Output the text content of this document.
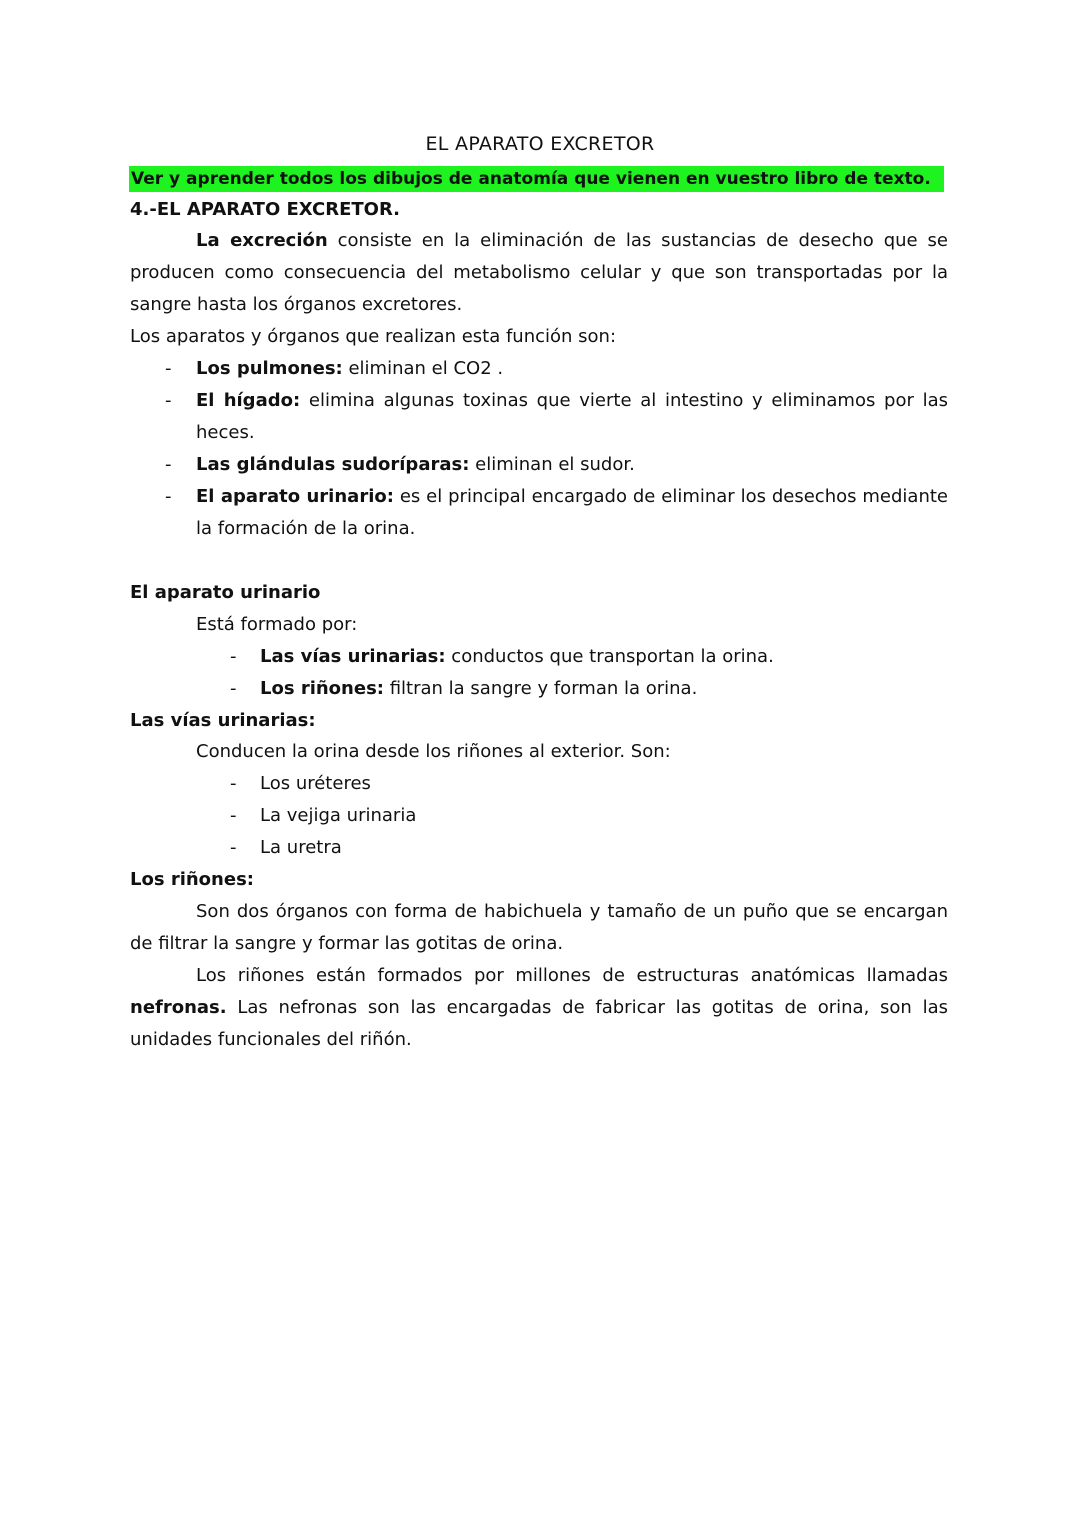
EL APARATO EXCRETOR
Ver y aprender todos los dibujos de anatomía que vienen en vuestro libro de texto.
4.-EL APARATO EXCRETOR.
La excreción consiste en la eliminación de las sustancias de desecho que se
producen como consecuencia del metabolismo celular y que son transportadas por la
sangre hasta los órganos excretores.
Los aparatos y órganos que realizan esta función son:
- Los pulmones: eliminan el CO2 .
- El hígado: elimina algunas toxinas que vierte al intestino y eliminamos por las
heces.
- Las glándulas sudoríparas: eliminan el sudor.
- El aparato urinario: es el principal encargado de eliminar los desechos mediante
la formación de la orina.
El aparato urinario
Está formado por:
- Las vías urinarias: conductos que transportan la orina.
- Los riñones: filtran la sangre y forman la orina.
Las vías urinarias:
Conducen la orina desde los riñones al exterior. Son:
- Los uréteres
- La vejiga urinaria
- La uretra
Los riñones:
Son dos órganos con forma de habichuela y tamaño de un puño que se encargan
de filtrar la sangre y formar las gotitas de orina.
Los riñones están formados por millones de estructuras anatómicas llamadas
nefronas. Las nefronas son las encargadas de fabricar las gotitas de orina, son las
unidades funcionales del riñón.
